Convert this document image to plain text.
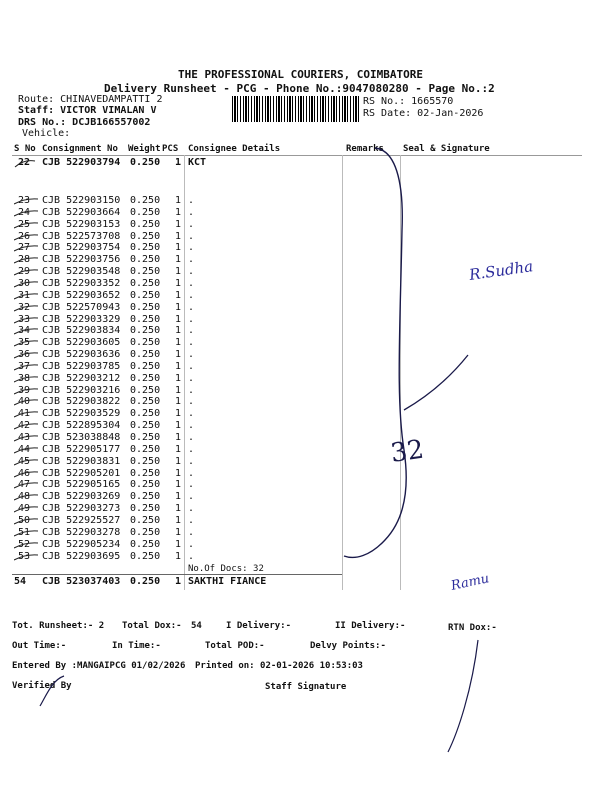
THE PROFESSIONAL COURIERS, COIMBATORE
Delivery Runsheet - PCG - Phone No.:9047080280 - Page No.:2
Route: CHINAVEDAMPATTI 2
Staff: VICTOR VIMALAN V
DRS No.: DCJB166557002
Vehicle:
RS No.: 1665570
RS Date: 02-Jan-2026
S No Consignment No Weight PCS Consignee Details	Remarks Seal & Signature
22 CJB 522903794 0.250 1 KCT
23 CJB 522903150 0.250 1 .
24 CJB 522903664 0.250 1 .
25 CJB 522903153 0.250 1 .
26 CJB 522573708 0.250 1 .
27 CJB 522903754 0.250 1 .
28 CJB 522903756 0.250 1 .
29 CJB 522903548 0.250 1 .
30 CJB 522903352 0.250 1 .
31 CJB 522903652 0.250 1 .
32 CJB 522570943 0.250 1 .
33 CJB 522903329 0.250 1 .
34 CJB 522903834 0.250 1 .
35 CJB 522903605 0.250 1 .
36 CJB 522903636 0.250 1 .
37 CJB 522903785 0.250 1 .
38 CJB 522903212 0.250 1 .
39 CJB 522903216 0.250 1 .
40 CJB 522903822 0.250 1 .
41 CJB 522903529 0.250 1 .
42 CJB 522895304 0.250 1 .
43 CJB 523038848 0.250 1 .
44 CJB 522905177 0.250 1 .
45 CJB 522903831 0.250 1 .
46 CJB 522905201 0.250 1 .
47 CJB 522905165 0.250 1 .
48 CJB 522903269 0.250 1 .
49 CJB 522903273 0.250 1 .
50 CJB 522925527 0.250 1 .
51 CJB 522903278 0.250 1 .
52 CJB 522905234 0.250 1 .
53 CJB 522903695 0.250 1 .
No.Of Docs: 32
54 CJB 523037403 0.250 1 SAKTHI FIANCE
Tot. Runsheet:- 2 Total Dox:- 54	I Delivery:-	II Delivery:-	RTN Dox:-
Out Time:-	In Time:-	Total POD:-	Delvy Points:-
Entered By :MANGAIPCG 01/02/2026 Printed on: 02-01-2026 10:53:03
Verified By	Staff Signature
32
R.Sudha
Ramu
